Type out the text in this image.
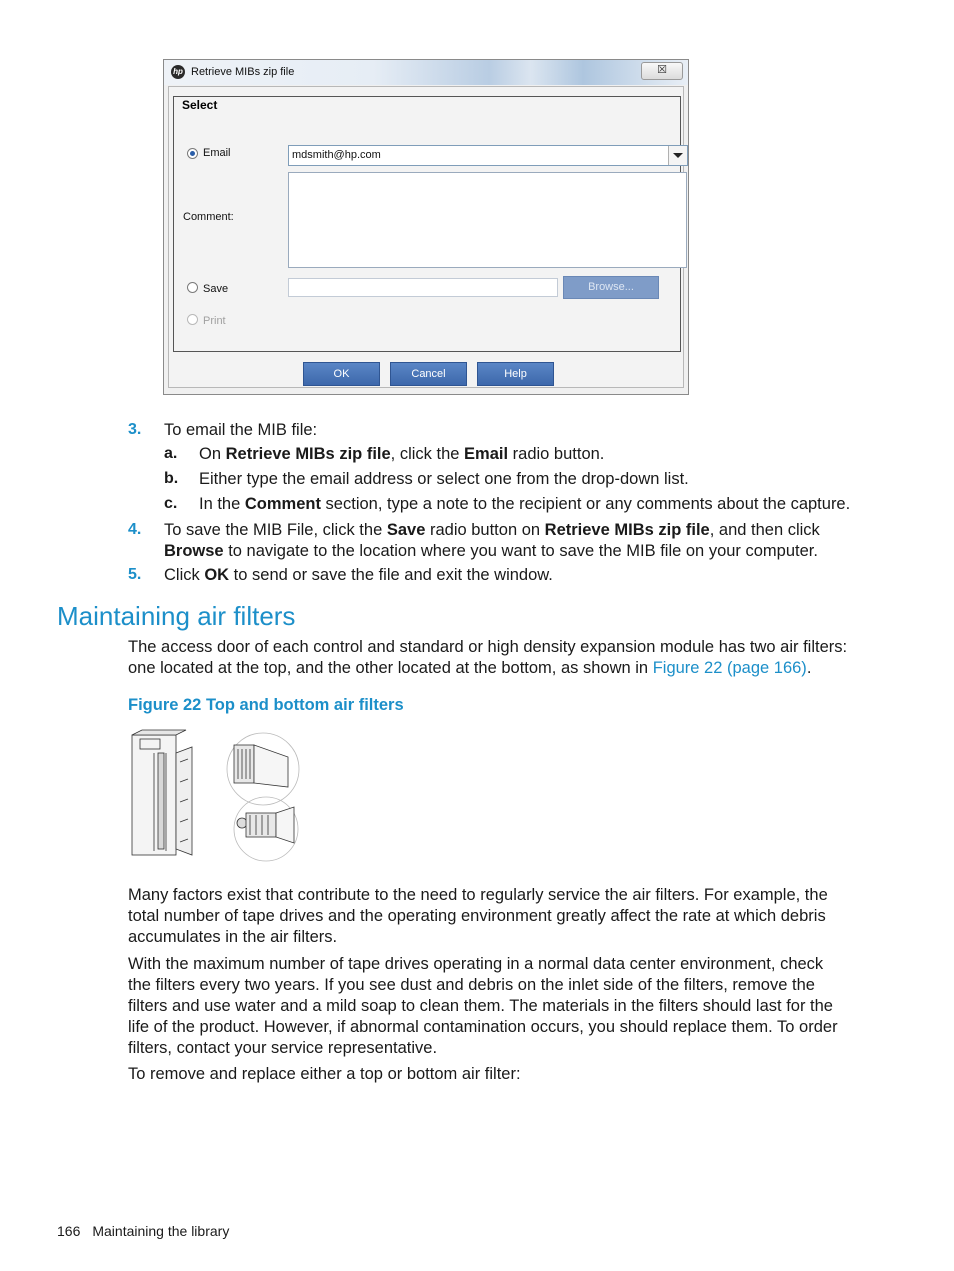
hp Retrieve MIBs zip file	☒
Select
Email	mdsmith@hp.com
Comment:
Save	Browse...
Print
OK	Cancel	Help
3. To email the MIB file:
a. On Retrieve MIBs zip file, click the Email radio button.
b. Either type the email address or select one from the drop-down list.
c. In the Comment section, type a note to the recipient or any comments about the capture.
4. To save the MIB File, click the Save radio button on Retrieve MIBs zip file, and then click
Browse to navigate to the location where you want to save the MIB file on your computer.
5. Click OK to send or save the file and exit the window.
Maintaining air filters
The access door of each control and standard or high density expansion module has two air filters:
one located at the top, and the other located at the bottom, as shown in Figure 22 (page 166).
Figure 22 Top and bottom air filters
Many factors exist that contribute to the need to regularly service the air filters. For example, the
total number of tape drives and the operating environment greatly affect the rate at which debris
accumulates in the air filters.
With the maximum number of tape drives operating in a normal data center environment, check
the filters every two years. If you see dust and debris on the inlet side of the filters, remove the
filters and use water and a mild soap to clean them. The materials in the filters should last for the
life of the product. However, if abnormal contamination occurs, you should replace them. To order
filters, contact your service representative.
To remove and replace either a top or bottom air filter:
166 Maintaining the library
